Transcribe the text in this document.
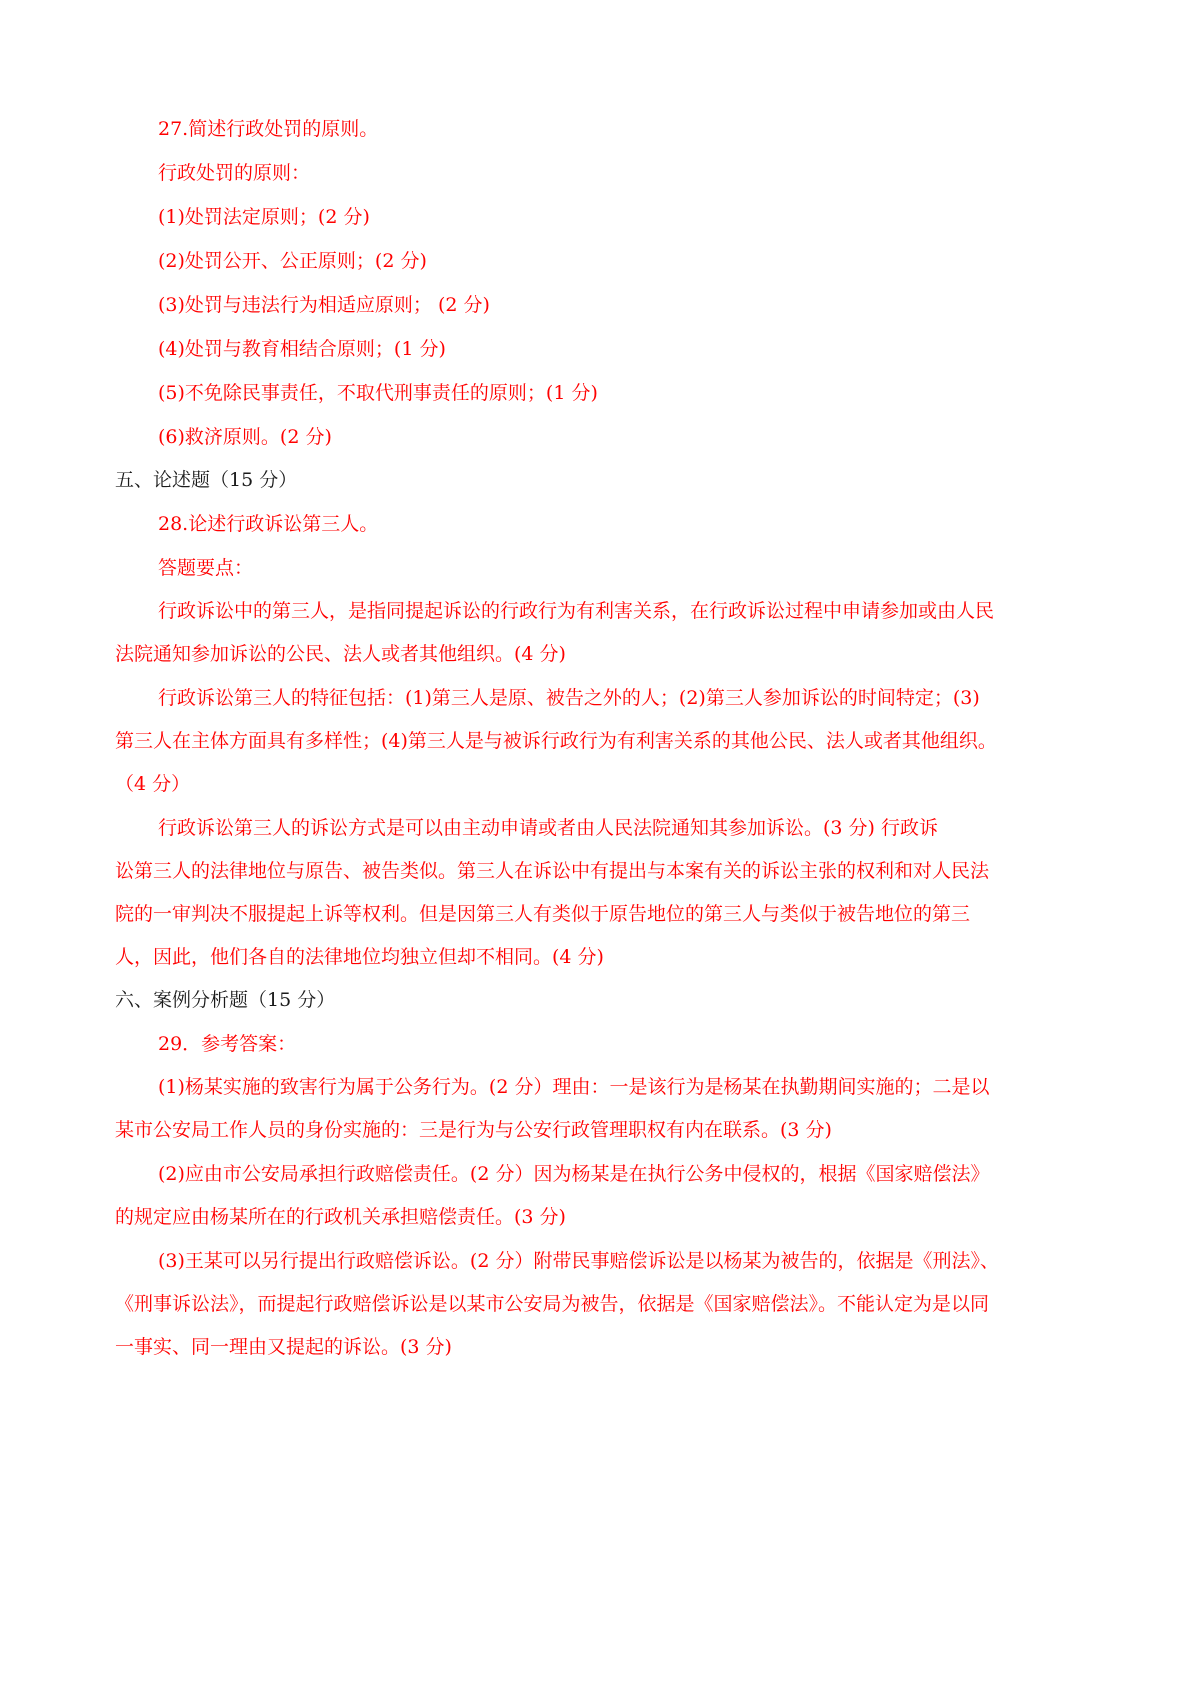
27.简述行政处罚的原则。
行政处罚的原则：
(1)处罚法定原则；(2 分)
(2)处罚公开、公正原则；(2 分)
(3)处罚与违法行为相适应原则； (2 分)
(4)处罚与教育相结合原则；(1 分)
(5)不免除民事责任，不取代刑事责任的原则；(1 分)
(6)救济原则。(2 分)
五、论述题（15 分）
28.论述行政诉讼第三人。
答题要点：
行政诉讼中的第三人，是指同提起诉讼的行政行为有利害关系，在行政诉讼过程中申请参加或由人民
法院通知参加诉讼的公民、法人或者其他组织。(4 分)
行政诉讼第三人的特征包括：(1)第三人是原、被告之外的人；(2)第三人参加诉讼的时间特定；(3)
第三人在主体方面具有多样性；(4)第三人是与被诉行政行为有利害关系的其他公民、法人或者其他组织。
（4 分）
行政诉讼第三人的诉讼方式是可以由主动申请或者由人民法院通知其参加诉讼。(3 分) 行政诉
讼第三人的法律地位与原告、被告类似。第三人在诉讼中有提出与本案有关的诉讼主张的权利和对人民法
院的一审判决不服提起上诉等权利。但是因第三人有类似于原告地位的第三人与类似于被告地位的第三
人，因此，他们各自的法律地位均独立但却不相同。(4 分)
六、案例分析题（15 分）
29．参考答案：
(1)杨某实施的致害行为属于公务行为。(2 分）理由：一是该行为是杨某在执勤期间实施的；二是以
某市公安局工作人员的身份实施的：三是行为与公安行政管理职权有内在联系。(3 分)
(2)应由市公安局承担行政赔偿责任。(2 分）因为杨某是在执行公务中侵权的，根据《国家赔偿法》
的规定应由杨某所在的行政机关承担赔偿责任。(3 分)
(3)王某可以另行提出行政赔偿诉讼。(2 分）附带民事赔偿诉讼是以杨某为被告的，依据是《刑法》、
《刑事诉讼法》，而提起行政赔偿诉讼是以某市公安局为被告，依据是《国家赔偿法》。不能认定为是以同
一事实、同一理由又提起的诉讼。(3 分)
